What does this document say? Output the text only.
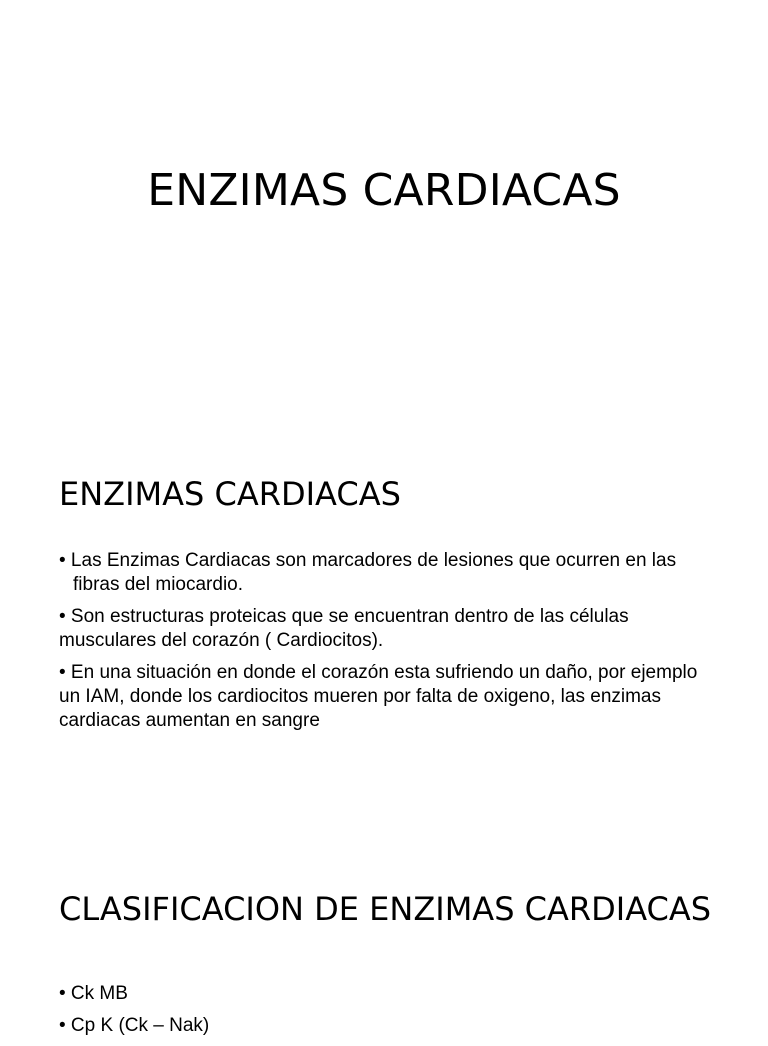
ENZIMAS CARDIACAS
ENZIMAS CARDIACAS
• Las Enzimas Cardiacas son marcadores de lesiones que ocurren en las fibras del miocardio.
• Son estructuras proteicas que se encuentran dentro de las células musculares del corazón ( Cardiocitos).
• En una situación en donde el corazón esta sufriendo un daño, por ejemplo un IAM, donde los cardiocitos mueren por falta de oxigeno, las enzimas cardiacas aumentan en sangre
CLASIFICACION DE ENZIMAS CARDIACAS
• Ck MB
• Cp K (Ck – Nak)
